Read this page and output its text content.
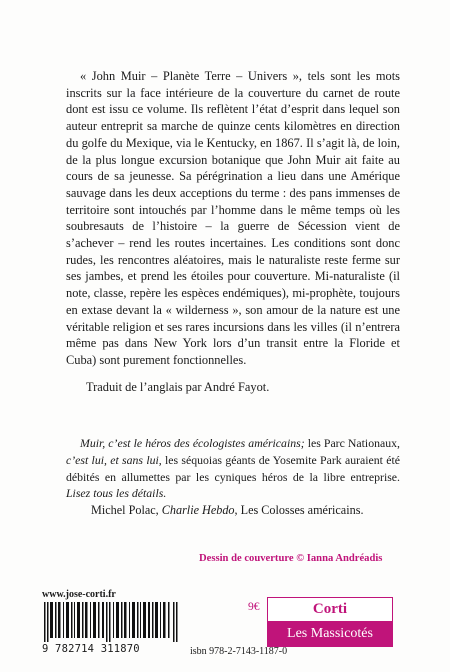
« John Muir – Planète Terre – Univers », tels sont les mots inscrits sur la face intérieure de la couverture du carnet de route dont est issu ce volume. Ils reflètent l’état d’esprit dans lequel son auteur entreprit sa marche de quinze cents kilomètres en direction du golfe du Mexique, via le Kentucky, en 1867. Il s’agit là, de loin, de la plus longue excursion botanique que John Muir ait faite au cours de sa jeunesse. Sa pérégrination a lieu dans une Amérique sauvage dans les deux acceptions du terme : des pans immenses de territoire sont intouchés par l’homme dans le même temps où les soubresauts de l’histoire – la guerre de Sécession vient de s’achever – rend les routes incertaines. Les conditions sont donc rudes, les rencontres aléatoires, mais le naturaliste reste ferme sur ses jambes, et prend les étoiles pour couverture. Mi-naturaliste (il note, classe, repère les espèces endémiques), mi-prophète, toujours en extase devant la « wilderness », son amour de la nature est une véritable religion et ses rares incursions dans les villes (il n’entrera même pas dans New York lors d’un transit entre la Floride et Cuba) sont purement fonctionnelles.

Traduit de l’anglais par André Fayot.

Muir, c’est le héros des écologistes américains; les Parc Nationaux, c’est lui, et sans lui, les séquoias géants de Yosemite Park auraient été débités en allumettes par les cyniques héros de la libre entreprise. Lisez tous les détails.

Michel Polac, Charlie Hebdo, Les Colosses américains.
Dessin de couverture © Ianna Andréadis
www.jose-corti.fr
9 782714 311870
9€
isbn 978-2-7143-1187-0
Corti
Les Massicotés
